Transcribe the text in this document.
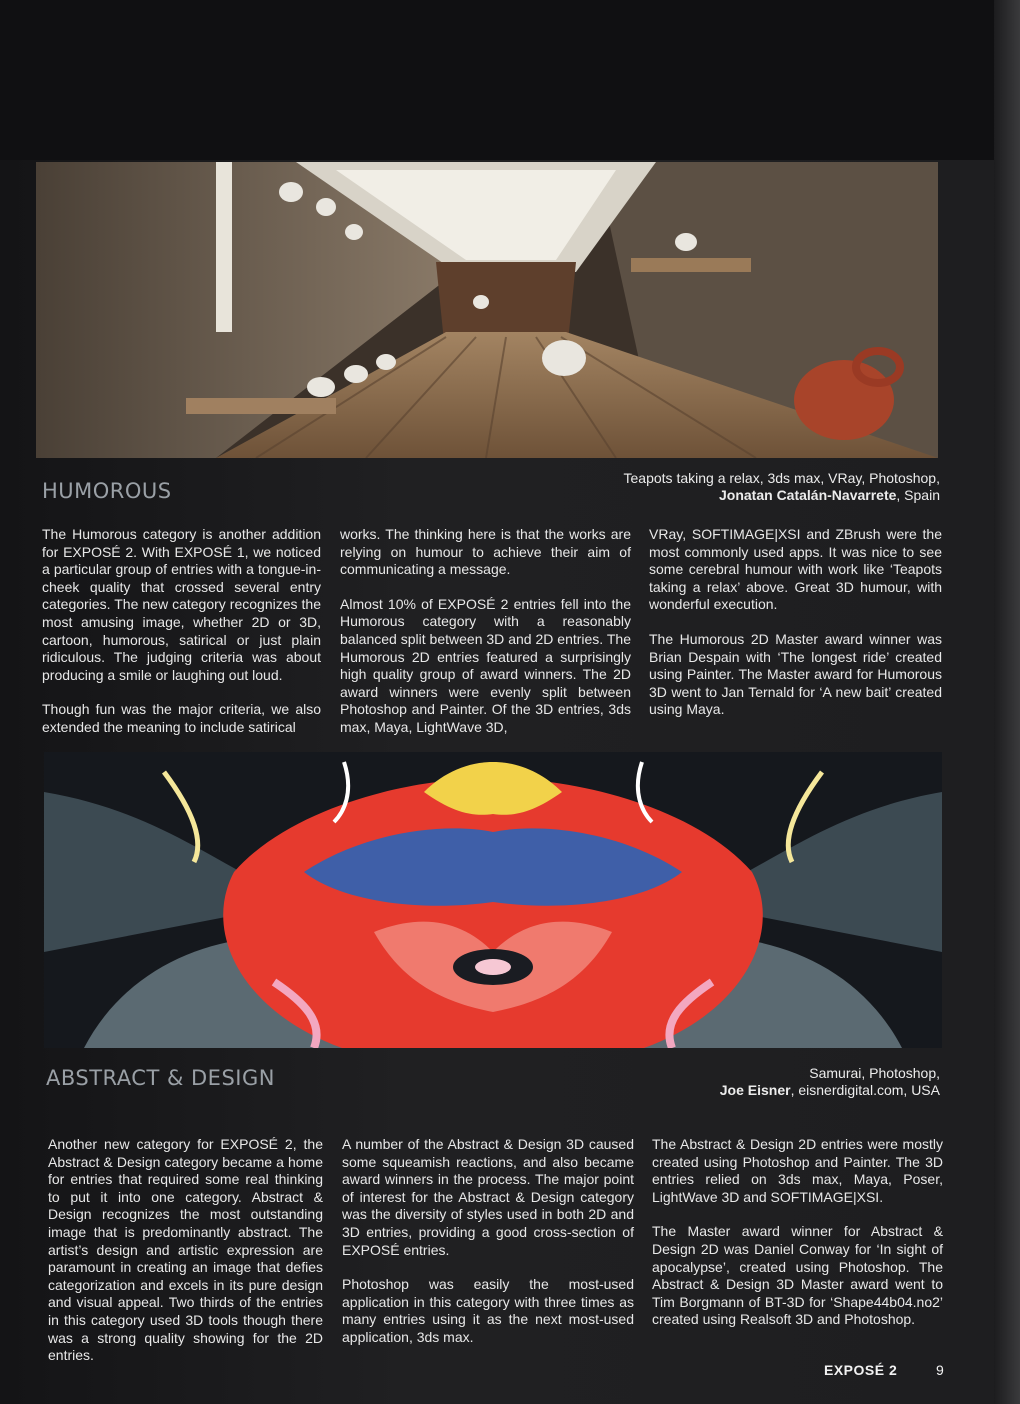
HUMOROUS
Teapots taking a relax, 3ds max, VRay, Photoshop,
Jonatan Catalán-Navarrete, Spain

The Humorous category is another addition for EXPOSÉ 2. With EXPOSÉ 1, we noticed a particular group of entries with a tongue-in-cheek quality that crossed several entry categories. The new category recognizes the most amusing image, whether 2D or 3D, cartoon, humorous, satirical or just plain ridiculous. The judging criteria was about producing a smile or laughing out loud.

Though fun was the major criteria, we also extended the meaning to include satirical

works. The thinking here is that the works are relying on humour to achieve their aim of communicating a message.

Almost 10% of EXPOSÉ 2 entries fell into the Humorous category with a reasonably balanced split between 3D and 2D entries. The Humorous 2D entries featured a surprisingly high quality group of award winners. The 2D award winners were evenly split between Photoshop and Painter. Of the 3D entries, 3ds max, Maya, LightWave 3D,

VRay, SOFTIMAGE|XSI and ZBrush were the most commonly used apps. It was nice to see some cerebral humour with work like ‘Teapots taking a relax’ above. Great 3D humour, with wonderful execution.

The Humorous 2D Master award winner was Brian Despain with ‘The longest ride’ created using Painter. The Master award for Humorous 3D went to Jan Ternald for ‘A new bait’ created using Maya.

ABSTRACT & DESIGN	Samurai, Photoshop,
Joe Eisner, eisnerdigital.com, USA

Another new category for EXPOSÉ 2, the Abstract & Design category became a home for entries that required some real thinking to put it into one category. Abstract & Design recognizes the most outstanding image that is predominantly abstract. The artist’s design and artistic expression are paramount in creating an image that defies categorization and excels in its pure design and visual appeal. Two thirds of the entries in this category used 3D tools though there was a strong quality showing for the 2D entries.

A number of the Abstract & Design 3D caused some squeamish reactions, and also became award winners in the process. The major point of interest for the Abstract & Design category was the diversity of styles used in both 2D and 3D entries, providing a good cross-section of EXPOSÉ entries.

Photoshop was easily the most-used application in this category with three times as many entries using it as the next most-used application, 3ds max.

The Abstract & Design 2D entries were mostly created using Photoshop and Painter. The 3D entries relied on 3ds max, Maya, Poser, LightWave 3D and SOFTIMAGE|XSI.

The Master award winner for Abstract & Design 2D was Daniel Conway for ‘In sight of apocalypse’, created using Photoshop. The Abstract & Design 3D Master award went to Tim Borgmann of BT-3D for ‘Shape44b04.no2’ created using Realsoft 3D and Photoshop.

EXPOSÉ 2	9
